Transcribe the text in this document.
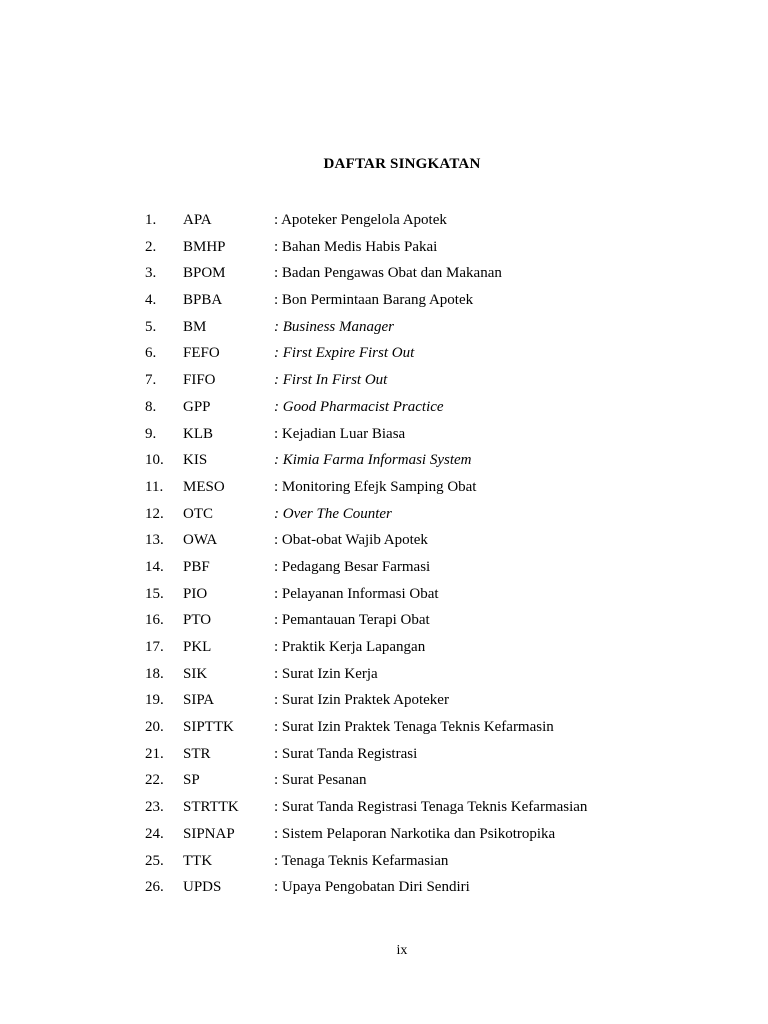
DAFTAR SINGKATAN
1. APA	: Apoteker Pengelola Apotek
2. BMHP	: Bahan Medis Habis Pakai
3. BPOM	: Badan Pengawas Obat dan Makanan
4. BPBA	: Bon Permintaan Barang Apotek
5. BM	: Business Manager
6. FEFO	: First Expire First Out
7. FIFO	: First In First Out
8. GPP	: Good Pharmacist Practice
9. KLB	: Kejadian Luar Biasa
10. KIS	: Kimia Farma Informasi System
11. MESO	: Monitoring Efejk Samping Obat
12. OTC	: Over The Counter
13. OWA	: Obat-obat Wajib Apotek
14. PBF	: Pedagang Besar Farmasi
15. PIO	: Pelayanan Informasi Obat
16. PTO	: Pemantauan Terapi Obat
17. PKL	: Praktik Kerja Lapangan
18. SIK	: Surat Izin Kerja
19. SIPA	: Surat Izin Praktek Apoteker
20. SIPTTK	: Surat Izin Praktek Tenaga Teknis Kefarmasin
21. STR	: Surat Tanda Registrasi
22. SP	: Surat Pesanan
23. STRTTK : Surat Tanda Registrasi Tenaga Teknis Kefarmasian
24. SIPNAP	: Sistem Pelaporan Narkotika dan Psikotropika
25. TTK	: Tenaga Teknis Kefarmasian
26. UPDS	: Upaya Pengobatan Diri Sendiri
ix
